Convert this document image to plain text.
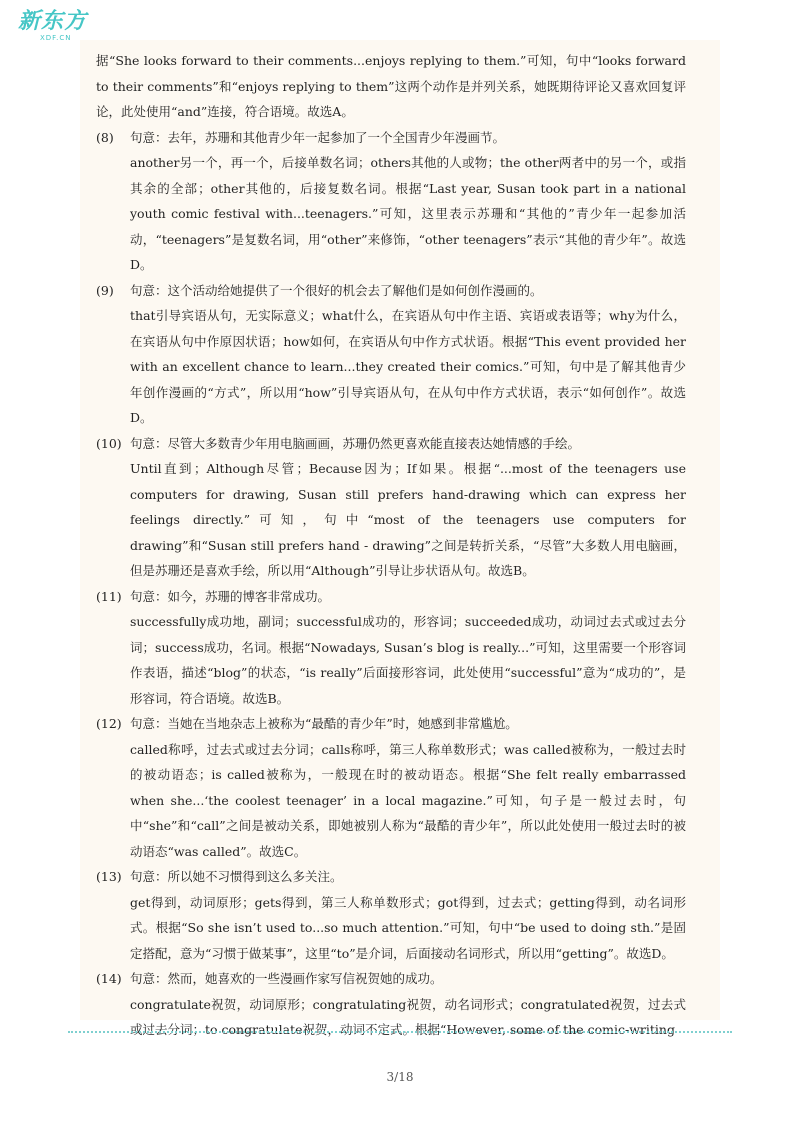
新东方
XDF.CN
据“She looks forward to their comments...enjoys replying to them.”可知，句中“looks forward to their comments”和“enjoys replying to them”这两个动作是并列关系，她既期待评论又喜欢回复评论，此处使用“and”连接，符合语境。故选A。
(8)	句意：去年，苏珊和其他青少年一起参加了一个全国青少年漫画节。
another另一个，再一个，后接单数名词；others其他的人或物；the other两者中的另一个，或指其余的全部；other其他的，后接复数名词。根据“Last year, Susan took part in a national youth comic festival with...teenagers.”可知，这里表示苏珊和“其他的”青少年一起参加活动，“teenagers”是复数名词，用“other”来修饰，“other teenagers”表示“其他的青少年”。故选D。
(9)	句意：这个活动给她提供了一个很好的机会去了解他们是如何创作漫画的。
that引导宾语从句，无实际意义；what什么，在宾语从句中作主语、宾语或表语等；why为什么，在宾语从句中作原因状语；how如何，在宾语从句中作方式状语。根据“This event provided her with an excellent chance to learn...they created their comics.”可知，句中是了解其他青少年创作漫画的“方式”，所以用“how”引导宾语从句，在从句中作方式状语，表示“如何创作”。故选D。
(10) 句意：尽管大多数青少年用电脑画画，苏珊仍然更喜欢能直接表达她情感的手绘。
Until直到；Although尽管；Because因为；If如果。根据“...most of the teenagers use computers for drawing, Susan still prefers hand-drawing which can express her feelings directly.”可知，句中“most of the teenagers use computers for drawing”和“Susan still prefers hand - drawing”之间是转折关系，“尽管”大多数人用电脑画，但是苏珊还是喜欢手绘，所以用“Although”引导让步状语从句。故选B。
(11) 句意：如今，苏珊的博客非常成功。
successfully成功地，副词；successful成功的，形容词；succeeded成功，动词过去式或过去分词；success成功，名词。根据“Nowadays, Susan’s blog is really...”可知，这里需要一个形容词作表语，描述“blog”的状态，“is really”后面接形容词，此处使用“successful”意为“成功的”，是形容词，符合语境。故选B。
(12) 句意：当她在当地杂志上被称为“最酷的青少年”时，她感到非常尴尬。
called称呼，过去式或过去分词；calls称呼，第三人称单数形式；was called被称为，一般过去时的被动语态；is called被称为，一般现在时的被动语态。根据“She felt really embarrassed when she...‘the coolest teenager’ in a local magazine.”可知，句子是一般过去时，句中“she”和“call”之间是被动关系，即她被别人称为“最酷的青少年”，所以此处使用一般过去时的被动语态“was called”。故选C。
(13) 句意：所以她不习惯得到这么多关注。
get得到，动词原形；gets得到，第三人称单数形式；got得到，过去式；getting得到，动名词形式。根据“So she isn’t used to...so much attention.”可知，句中“be used to doing sth.”是固定搭配，意为“习惯于做某事”，这里“to”是介词，后面接动名词形式，所以用“getting”。故选D。
(14) 句意：然而，她喜欢的一些漫画作家写信祝贺她的成功。
congratulate祝贺，动词原形；congratulating祝贺，动名词形式；congratulated祝贺，过去式或过去分词；to congratulate祝贺，动词不定式。根据“However, some of the comic-writing
3/18
